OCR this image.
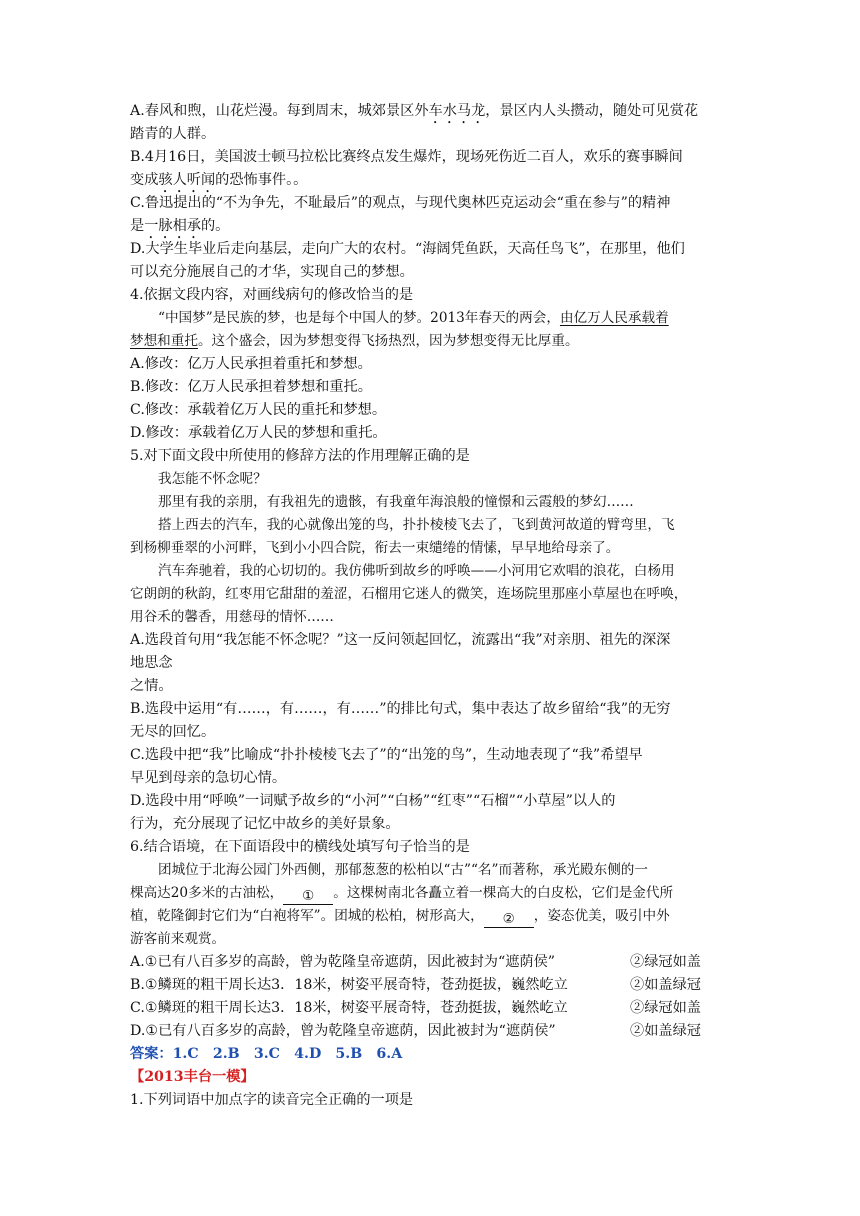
A.春风和煦，山花烂漫。每到周末，城郊景区外车水马龙，景区内人头攒动，随处可见赏花

踏青的人群。

B.4月16日，美国波士顿马拉松比赛终点发生爆炸，现场死伤近二百人，欢乐的赛事瞬间

变成骇人听闻的恐怖事件。。

C.鲁迅提出的“不为争先，不耻最后”的观点，与现代奥林匹克运动会“重在参与”的精神

是一脉相承的。

D.大学生毕业后走向基层，走向广大的农村。“海阔凭鱼跃，天高任鸟飞”，在那里，他们

可以充分施展自己的才华，实现自己的梦想。

4.依据文段内容，对画线病句的修改恰当的是

“中国梦”是民族的梦，也是每个中国人的梦。2013年春天的两会，由亿万人民承载着

梦想和重托。这个盛会，因为梦想变得飞扬热烈，因为梦想变得无比厚重。

A.修改：亿万人民承担着重托和梦想。

B.修改：亿万人民承担着梦想和重托。

C.修改：承载着亿万人民的重托和梦想。

D.修改：承载着亿万人民的梦想和重托。

5.对下面文段中所使用的修辞方法的作用理解正确的是

我怎能不怀念呢？

那里有我的亲朋，有我祖先的遗骸，有我童年海浪般的憧憬和云霞般的梦幻……

搭上西去的汽车，我的心就像出笼的鸟，扑扑棱棱飞去了，飞到黄河故道的臂弯里，飞

到杨柳垂翠的小河畔，飞到小小四合院，衔去一束缱绻的情愫，早早地给母亲了。

汽车奔驰着，我的心切切的。我仿佛听到故乡的呼唤——小河用它欢唱的浪花，白杨用

它朗朗的秋韵，红枣用它甜甜的羞涩，石榴用它迷人的微笑，连场院里那座小草屋也在呼唤，

用谷禾的馨香，用慈母的情怀……

A.选段首句用“我怎能不怀念呢？”这一反问领起回忆，流露出“我”对亲朋、祖先的深深

地思念

之情。

B.选段中运用“有……，有……，有……”的排比句式，集中表达了故乡留给“我”的无穷

无尽的回忆。

C.选段中把“我”比喻成“扑扑棱棱飞去了”的“出笼的鸟”，生动地表现了“我”希望早

早见到母亲的急切心情。

D.选段中用“呼唤”一词赋予故乡的“小河”“白杨”“红枣”“石榴”“小草屋”以人的

行为，充分展现了记忆中故乡的美好景象。

6.结合语境，在下面语段中的横线处填写句子恰当的是

团城位于北海公园门外西侧，那郁葱葱的松柏以“古”“名”而著称，承光殿东侧的一

棵高达20多米的古油松， ① 。这棵树南北各矗立着一棵高大的白皮松，它们是金代所

植，乾隆御封它们为“白袍将军”。团城的松柏，树形高大， ② ，姿态优美，吸引中外

游客前来观赏。

A.①已有八百多岁的高龄，曾为乾隆皇帝遮荫，因此被封为“遮荫侯”	②绿冠如盖

B.①鳞斑的粗干周长达3．18米，树姿平展奇特，苍劲挺拔，巍然屹立	②如盖绿冠

C.①鳞斑的粗干周长达3．18米，树姿平展奇特，苍劲挺拔，巍然屹立	②绿冠如盖

D.①已有八百多岁的高龄，曾为乾隆皇帝遮荫，因此被封为“遮荫侯”	②如盖绿冠

答案：1.C　2.B　3.C　4.D　5.B　6.A

【2013丰台一模】

1.下列词语中加点字的读音完全正确的一项是
